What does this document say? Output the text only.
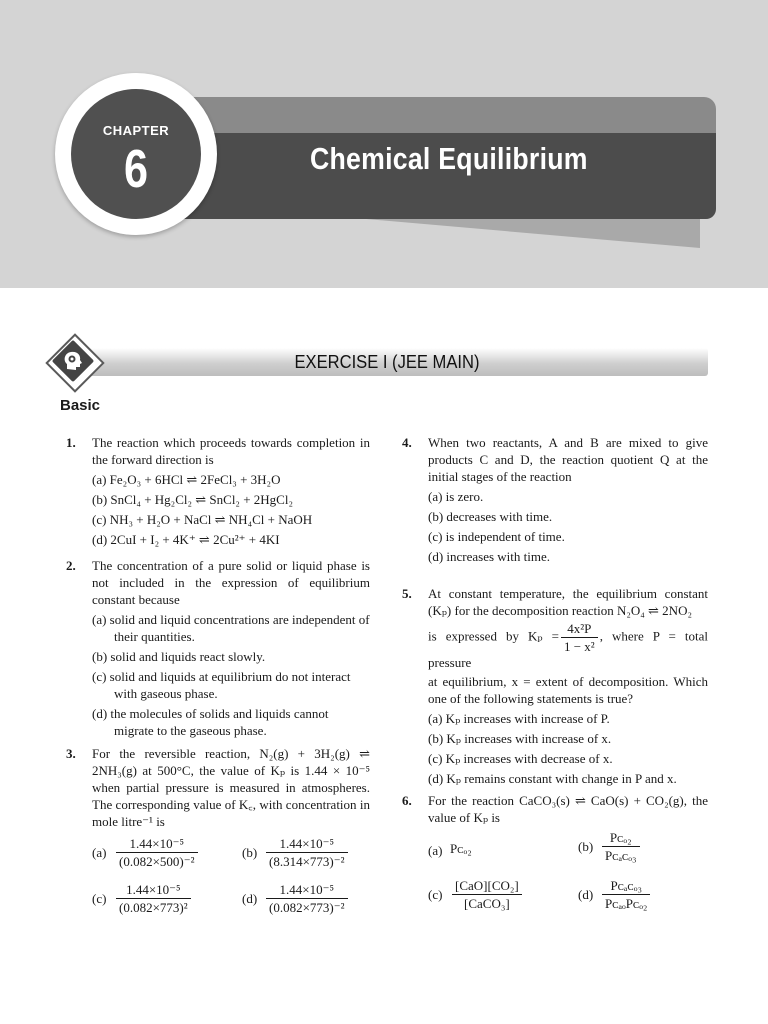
Chemical Equilibrium
CHAPTER
6
EXERCISE I (JEE MAIN)
Basic
1. The reaction which proceeds towards completion in the forward direction is
(a) Fe₂O₃ + 6HCl ⇌ 2FeCl₃ + 3H₂O
(b) SnCl₄ + Hg₂Cl₂ ⇌ SnCl₂ + 2HgCl₂
(c) NH₃ + H₂O + NaCl ⇌ NH₄Cl + NaOH
(d) 2CuI + I₂ + 4K⁺ ⇌ 2Cu²⁺ + 4KI
2. The concentration of a pure solid or liquid phase is not included in the expression of equilibrium constant because
(a) solid and liquid concentrations are independent of their quantities.
(b) solid and liquids react slowly.
(c) solid and liquids at equilibrium do not interact with gaseous phase.
(d) the molecules of solids and liquids cannot migrate to the gaseous phase.
3. For the reversible reaction, N₂(g) + 3H₂(g) ⇌ 2NH₃(g) at 500°C, the value of Kₚ is 1.44 × 10⁻⁵ when partial pressure is measured in atmospheres. The corresponding value of K꜀, with concentration in mole litre⁻¹ is
$(a) \frac{\text{1.44×10⁻⁵}}{\text{(0.082×500)⁻²}}$	$(b) \frac{\text{1.44×10⁻⁵}}{\text{(8.314×773)⁻²}}$
$(c) \frac{\text{1.44×10⁻⁵}}{\text{(0.082×773)²}}$	$(d) \frac{\text{1.44×10⁻⁵}}{\text{(0.082×773)⁻²}}$
4. When two reactants, A and B are mixed to give products C and D, the reaction quotient Q at the initial stages of the reaction
(a) is zero.
(b) decreases with time.
(c) is independent of time.
(d) increases with time.
5. At constant temperature, the equilibrium constant (Kₚ) for the decomposition reaction N₂O₄ ⇌ 2NO₂
is expressed by $K_p = \frac{\text{4x²P}}{\text{1 − x²}}$ , where P = total pressure
at equilibrium, x = extent of decomposition. Which one of the following statements is true?
(a) Kₚ increases with increase of P.
(b) Kₚ increases with increase of x.
(c) Kₚ increases with decrease of x.
(d) Kₚ remains constant with change in P and x.
6. For the reaction CaCO₃(s) ⇌ CaO(s) + CO₂(g), the value of Kₚ is
(a) Pᴄₒ₂	$(b) \frac{\text{Pᴄₒ₂}}{\text{Pᴄₐᴄₒ₃}}$
$(c) \frac{\text{[CaO][CO₂]}}{\text{[CaCO₃]}}$	$(d) \frac{\text{Pᴄₐᴄₒ₃}}{\text{PᴄₐₒPᴄₒ₂}}$
